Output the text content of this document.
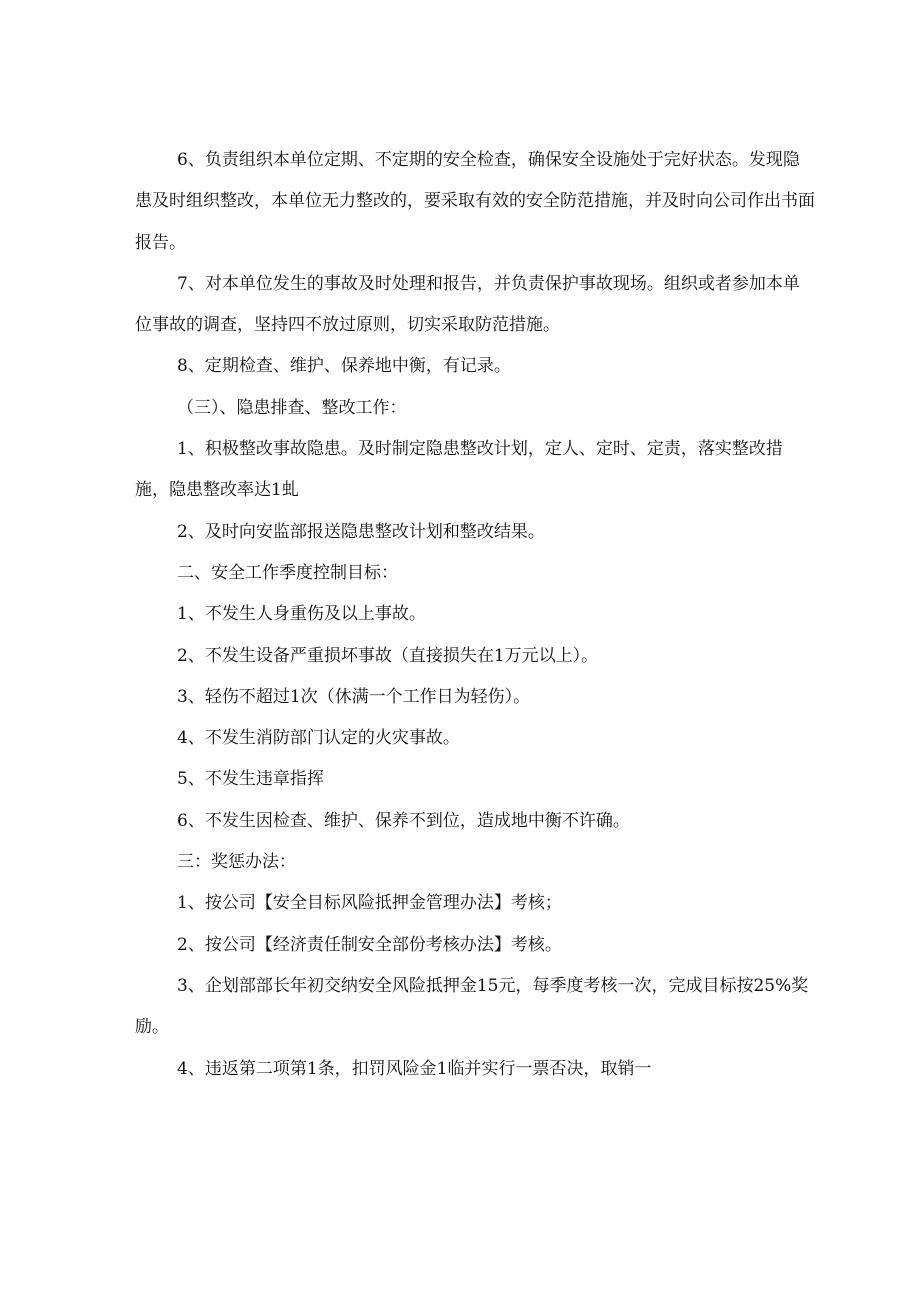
6、负责组织本单位定期、不定期的安全检查，确保安全设施处于完好状态。发现隐患及时组织整改，本单位无力整改的，要采取有效的安全防范措施，并及时向公司作出书面报告。

7、对本单位发生的事故及时处理和报告，并负责保护事故现场。组织或者参加本单位事故的调查，坚持四不放过原则，切实采取防范措施。

8、定期检查、维护、保养地中衡，有记录。

（三）、隐患排查、整改工作：

1、积极整改事故隐患。及时制定隐患整改计划，定人、定时、定责，落实整改措施，隐患整改率达1虬

2、及时向安监部报送隐患整改计划和整改结果。

二、安全工作季度控制目标：

1、不发生人身重伤及以上事故。

2、不发生设备严重损坏事故（直接损失在1万元以上）。

3、轻伤不超过1次（休满一个工作日为轻伤）。

4、不发生消防部门认定的火灾事故。

5、不发生违章指挥

6、不发生因检查、维护、保养不到位，造成地中衡不许确。

三：奖惩办法：

1、按公司【安全目标风险抵押金管理办法】考核；

2、按公司【经济责任制安全部份考核办法】考核。

3、企划部部长年初交纳安全风险抵押金15元，每季度考核一次，完成目标按25%奖励。

4、违返第二项第1条，扣罚风险金1临并实行一票否决，取销一
